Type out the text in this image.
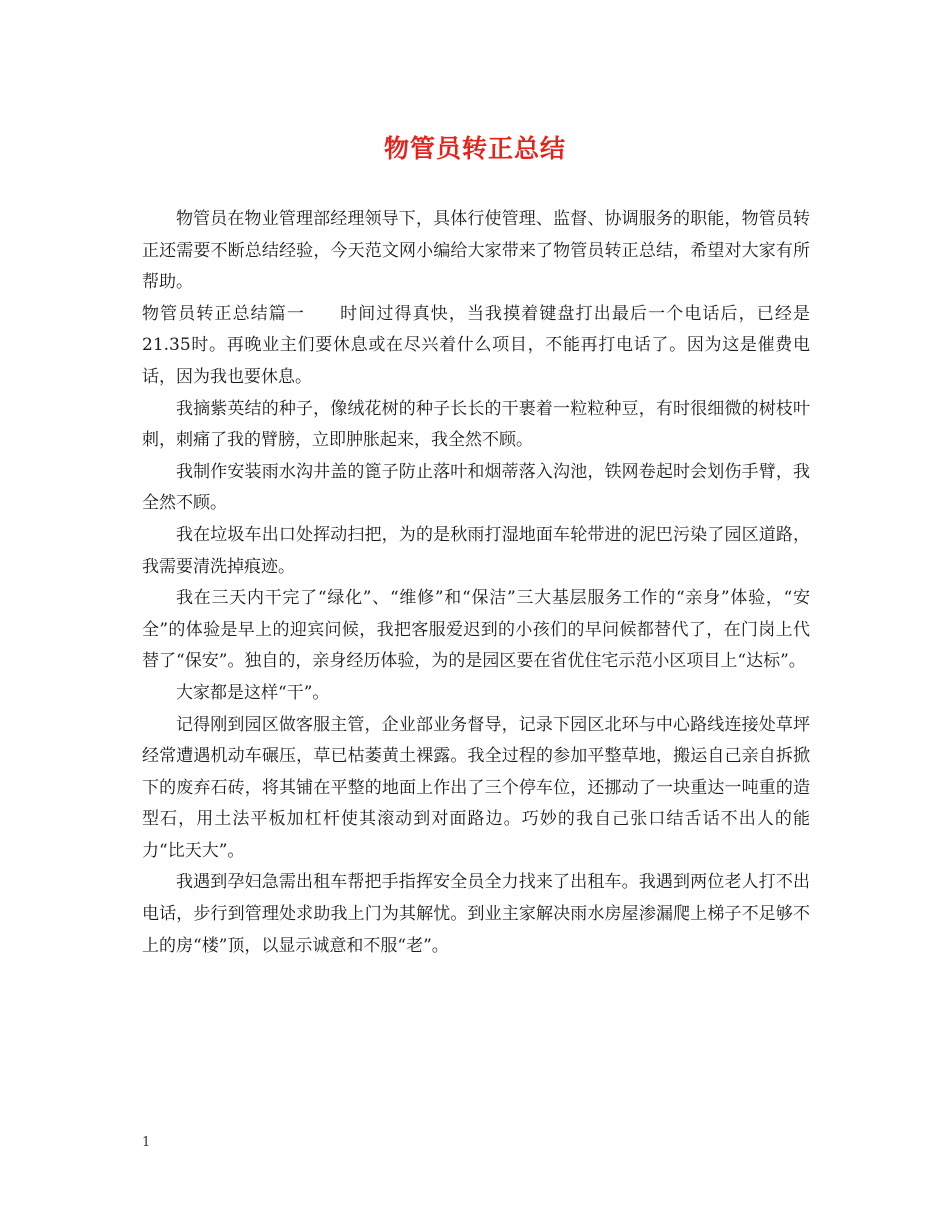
物管员转正总结

物管员在物业管理部经理领导下，具体行使管理、监督、协调服务的职能，物管员转正还需要不断总结经验，今天范文网小编给大家带来了物管员转正总结，希望对大家有所帮助。

物管员转正总结篇一 时间过得真快，当我摸着键盘打出最后一个电话后，已经是21.35时。再晚业主们要休息或在尽兴着什么项目，不能再打电话了。因为这是催费电话，因为我也要休息。

我摘紫英结的种子，像绒花树的种子长长的干裹着一粒粒种豆，有时很细微的树枝叶刺，刺痛了我的臂膀，立即肿胀起来，我全然不顾。

我制作安装雨水沟井盖的篦子防止落叶和烟蒂落入沟池，铁网卷起时会划伤手臂，我全然不顾。

我在垃圾车出口处挥动扫把，为的是秋雨打湿地面车轮带进的泥巴污染了园区道路，我需要清洗掉痕迹。

我在三天内干完了“绿化”、“维修”和“保洁”三大基层服务工作的“亲身”体验，“安全”的体验是早上的迎宾问候，我把客服爱迟到的小孩们的早问候都替代了，在门岗上代替了“保安”。独自的，亲身经历体验，为的是园区要在省优住宅示范小区项目上“达标”。

大家都是这样“干”。

记得刚到园区做客服主管，企业部业务督导，记录下园区北环与中心路线连接处草坪经常遭遇机动车碾压，草已枯萎黄土裸露。我全过程的参加平整草地，搬运自己亲自拆掀下的废弃石砖，将其铺在平整的地面上作出了三个停车位，还挪动了一块重达一吨重的造型石，用土法平板加杠杆使其滚动到对面路边。巧妙的我自己张口结舌话不出人的能力“比天大”。

我遇到孕妇急需出租车帮把手指挥安全员全力找来了出租车。我遇到两位老人打不出电话，步行到管理处求助我上门为其解忧。到业主家解决雨水房屋渗漏爬上梯子不足够不上的房“楼”顶，以显示诚意和不服“老”。

1
